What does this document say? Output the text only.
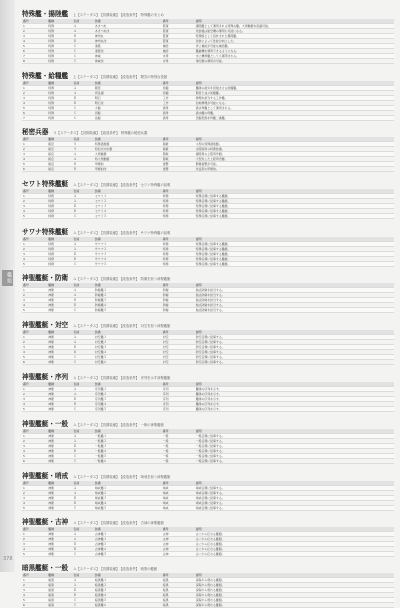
艦娘
378
特殊艦・揚陸艦 上【ステータス】　【初期装備】　【改造条件】　特殊艦のまとめ
番号	艦種	名前	装備	備考	説明
1	特殊	Ａ	あきつ丸	陸軍	揚陸艦として運用される特殊な艦。大発動艇を搭載可能。
2	特殊	Ａ	あきつ丸改	陸軍	改装後は航空機の運用も可能になる。
3	特殊	Ｂ	神州丸	陸軍	特殊船として設計された揚陸艦。
4	特殊	Ｂ	神州丸改	陸軍	改装によって性能が向上した。
5	特殊	Ｃ	速吸	補給	洋上補給が可能な補給艦。
6	特殊	Ｃ	速吸改	補給	艦載機を運用できるようになる。
7	特殊	Ｃ	神威	水母	水上機母艦としても運用される。
8	特殊	Ｃ	神威改	水母	飛行艇の運用が可能。
特殊艦・給糧艦 上【ステータス】　【初期装備】　【改造条件】　間宮の特別な役割
番号	艦種	名前	装備	備考	説明
1	特殊	Ａ	間宮	給糧	艦隊の疲労を回復させる給糧艦。
2	特殊	Ａ	伊良湖	給糧	間宮と並ぶ給糧艦。
3	特殊	Ｂ	明石	工作	修理を担当する工作艦。
4	特殊	Ｂ	明石改	工作	泊地修理が可能になる。
5	特殊	Ｃ	大鯨	潜母	潜水母艦として運用される。
6	特殊	Ｃ	迅鯨	潜母	潜水艦の母艦。
7	特殊	Ｃ	長鯨	潜母	迅鯨型潜水母艦二番艦。
秘密兵器 Ｓ【ステータス】　【初期装備】　【改造条件】　特殊艦の秘密兵器
番号	艦種	名前	装備	備考	説明
1	秘密	Ｓ	特殊潜航艇	秘匿	小型の特殊潜航艇。
2	秘密	Ｓ	特四式内火艇	秘匿	水陸両用の特殊装備。
3	秘密	Ａ	大発動艇	陸戦	揚陸用の上陸用舟艇。
4	秘密	Ａ	特大発動艇	陸戦	大型化した上陸用舟艇。
5	秘密	Ｂ	甲標的	雷撃	開幕雷撃が可能。
6	秘密	Ｂ	甲標的改	雷撃	改良型の甲標的。
セワト特殊艦艇 Ａ【ステータス】　【初期装備】　【改造条件】　セワト特殊艦の説明
番号	艦種	名前	装備	備考	説明
1	特務	Ａ	セワト１	特務	特殊任務に従事する艦艇。
2	特務	Ａ	セワト２	特務	特殊任務に従事する艦艇。
3	特務	Ｂ	セワト３	特務	特殊任務に従事する艦艇。
4	特務	Ｂ	セワト４	特務	特殊任務に従事する艦艇。
5	特務	Ｃ	セワト５	特務	特殊任務に従事する艦艇。
サワナ特殊艦艇 Ａ【ステータス】　【初期装備】　【改造条件】　サワナ特殊艦の説明
番号	艦種	名前	装備	備考	説明
1	特務	Ａ	サワナ１	特務	特殊任務に従事する艦艇。
2	特務	Ａ	サワナ２	特務	特殊任務に従事する艦艇。
3	特務	Ｂ	サワナ３	特務	特殊任務に従事する艦艇。
4	特務	Ｂ	サワナ４	特務	特殊任務に従事する艦艇。
5	特務	Ｃ	サワナ５	特務	特殊任務に従事する艦艇。
神聖艦艇・防衛 Ａ【ステータス】　【初期装備】　【改造条件】　防衛を担う神聖艦艇
番号	艦種	名前	装備	備考	説明
1	神聖	Ａ	防衛艦１	防衛	拠点防衛を担当する。
2	神聖	Ａ	防衛艦２	防衛	拠点防衛を担当する。
3	神聖	Ｂ	防衛艦３	防衛	拠点防衛を担当する。
4	神聖	Ｂ	防衛艦４	防衛	拠点防衛を担当する。
5	神聖	Ｃ	防衛艦５	防衛	拠点防衛を担当する。
神聖艦艇・対空 Ａ【ステータス】　【初期装備】　【改造条件】　対空を担う神聖艦艇
番号	艦種	名前	装備	備考	説明
1	神聖	Ａ	対空艦１	対空	防空任務に従事する。
2	神聖	Ａ	対空艦２	対空	防空任務に従事する。
3	神聖	Ｂ	対空艦３	対空	防空任務に従事する。
4	神聖	Ｂ	対空艦４	対空	防空任務に従事する。
5	神聖	Ｃ	対空艦５	対空	防空任務に従事する。
6	神聖	Ｃ	対空艦６	対空	防空任務に従事する。
神聖艦艇・序列 Ａ【ステータス】　【初期装備】　【改造条件】　序列を示す神聖艦艇
番号	艦種	名前	装備	備考	説明
1	神聖	Ａ	序列艦１	序列	艦隊の序列を示す。
2	神聖	Ａ	序列艦２	序列	艦隊の序列を示す。
3	神聖	Ｂ	序列艦３	序列	艦隊の序列を示す。
4	神聖	Ｂ	序列艦４	序列	艦隊の序列を示す。
5	神聖	Ｃ	序列艦５	序列	艦隊の序列を示す。
神聖艦艇・一般 Ａ【ステータス】　【初期装備】　【改造条件】　一般の神聖艦艇
番号	艦種	名前	装備	備考	説明
1	神聖	Ａ	一般艦１	一般	一般任務に従事する。
2	神聖	Ａ	一般艦２	一般	一般任務に従事する。
3	神聖	Ｂ	一般艦３	一般	一般任務に従事する。
4	神聖	Ｂ	一般艦４	一般	一般任務に従事する。
5	神聖	Ｃ	一般艦５	一般	一般任務に従事する。
6	神聖	Ｃ	一般艦６	一般	一般任務に従事する。
神聖艦艇・哨戒 Ａ【ステータス】　【初期装備】　【改造条件】　哨戒を担う神聖艦艇
番号	艦種	名前	装備	備考	説明
1	神聖	Ａ	哨戒艦１	哨戒	哨戒任務に従事する。
2	神聖	Ａ	哨戒艦２	哨戒	哨戒任務に従事する。
3	神聖	Ｂ	哨戒艦３	哨戒	哨戒任務に従事する。
4	神聖	Ｂ	哨戒艦４	哨戒	哨戒任務に従事する。
5	神聖	Ｃ	哨戒艦５	哨戒	哨戒任務に従事する。
神聖艦艇・古神 Ａ【ステータス】　【初期装備】　【改造条件】　古神の神聖艦艇
番号	艦種	名前	装備	備考	説明
1	神聖	Ａ	古神艦１	古神	古くから伝わる艦艇。
2	神聖	Ａ	古神艦２	古神	古くから伝わる艦艇。
3	神聖	Ｂ	古神艦３	古神	古くから伝わる艦艇。
4	神聖	Ｂ	古神艦４	古神	古くから伝わる艦艇。
5	神聖	Ｃ	古神艦５	古神	古くから伝わる艦艇。
暗黒艦艇・一般 Ａ【ステータス】　【初期装備】　【改造条件】　暗黒の艦艇
番号	艦種	名前	装備	備考	説明
1	暗黒	Ａ	暗黒艦１	暗黒	深海から現れる艦艇。
2	暗黒	Ａ	暗黒艦２	暗黒	深海から現れる艦艇。
3	暗黒	Ｂ	暗黒艦３	暗黒	深海から現れる艦艇。
4	暗黒	Ｂ	暗黒艦４	暗黒	深海から現れる艦艇。
5	暗黒	Ｃ	暗黒艦５	暗黒	深海から現れる艦艇。
6	暗黒	Ｃ	暗黒艦６	暗黒	深海から現れる艦艇。
